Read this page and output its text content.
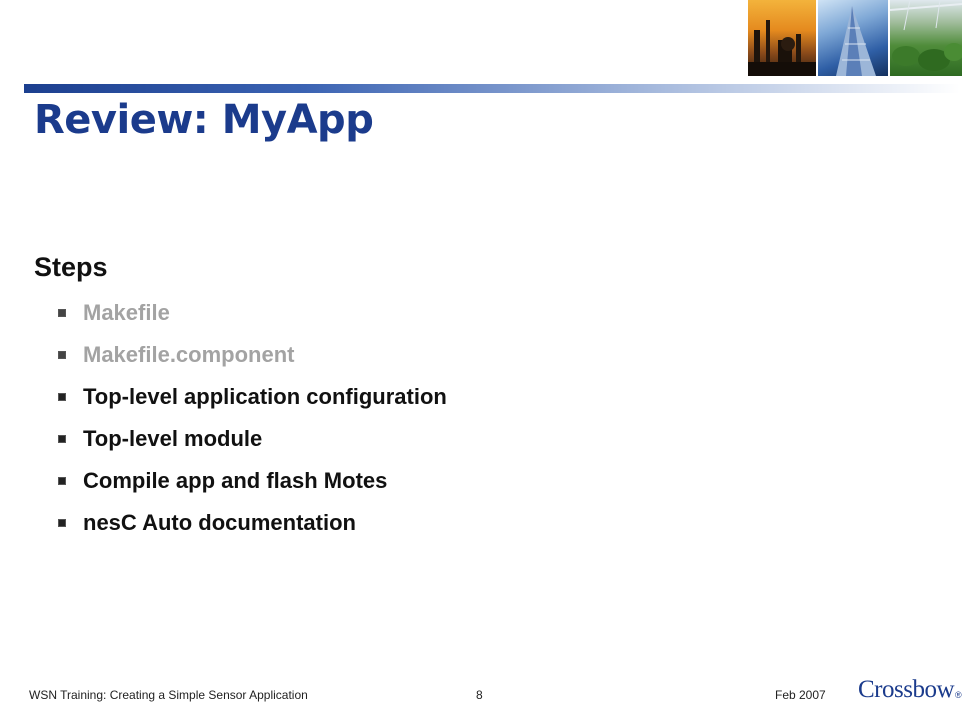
Review: MyApp
Steps
Makefile
Makefile.component
Top-level application configuration
Top-level module
Compile app and flash Motes
nesC Auto documentation
WSN Training: Creating a Simple Sensor Application	8	Feb 2007 Crossbow ®
